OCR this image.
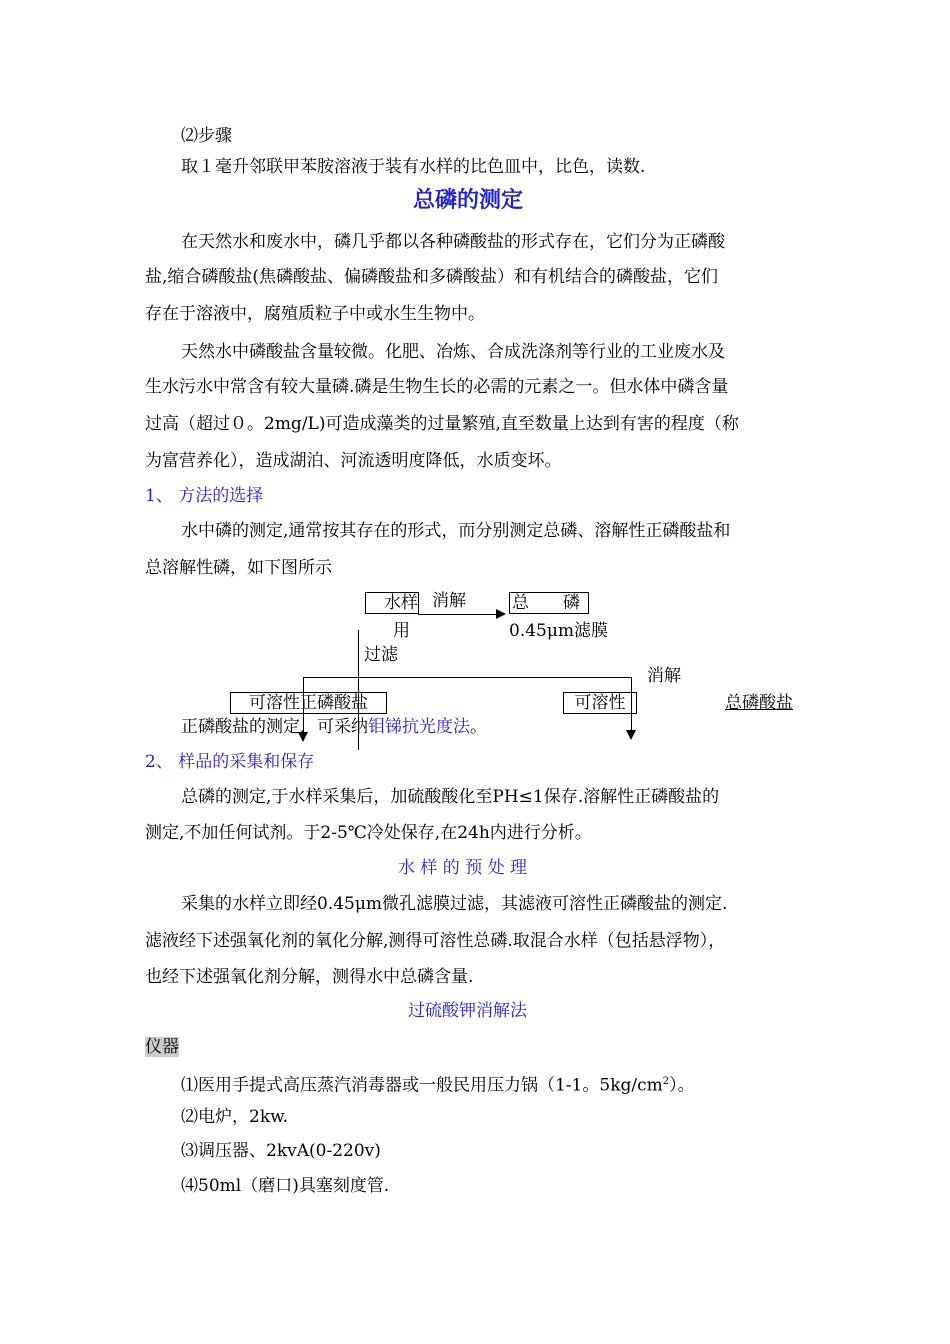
⑵步骤
取１毫升邻联甲苯胺溶液于装有水样的比色皿中，比色，读数.
总磷的测定
在天然水和废水中，磷几乎都以各种磷酸盐的形式存在，它们分为正磷酸
盐,缩合磷酸盐(焦磷酸盐、偏磷酸盐和多磷酸盐）和有机结合的磷酸盐，它们
存在于溶液中，腐殖质粒子中或水生生物中。
天然水中磷酸盐含量较微。化肥、冶炼、合成洗涤剂等行业的工业废水及
生水污水中常含有较大量磷.磷是生物生长的必需的元素之一。但水体中磷含量
过高（超过０。2mg/L)可造成藻类的过量繁殖,直至数量上达到有害的程度（称
为富营养化），造成湖泊、河流透明度降低，水质变坏。
1、 方法的选择
水中磷的测定,通常按其存在的形式，而分别测定总磷、溶解性正磷酸盐和
总溶解性磷，如下图所示
水样 消解	总　　磷
用	0.45μm滤膜
过滤
消解
可溶性正磷酸盐	可溶性	总磷酸盐
正磷酸盐的测定，可采纳钼锑抗光度法。
2、 样品的采集和保存
总磷的测定,于水样采集后，加硫酸酸化至PH≤1保存.溶解性正磷酸盐的
测定,不加任何试剂。于2-5℃冷处保存,在24h内进行分析。
水 样 的 预 处 理
采集的水样立即经0.45μm微孔滤膜过滤，其滤液可溶性正磷酸盐的测定.
滤液经下述强氧化剂的氧化分解,测得可溶性总磷.取混合水样（包括悬浮物），
也经下述强氧化剂分解，测得水中总磷含量.
过硫酸钾消解法
仪器
⑴医用手提式高压蒸汽消毒器或一般民用压力锅（1-1。$5kg/cm^2$）。
⑵电炉，2kw.
⑶调压器、2kvA(0-220v)
⑷50ml（磨口)具塞刻度管.
